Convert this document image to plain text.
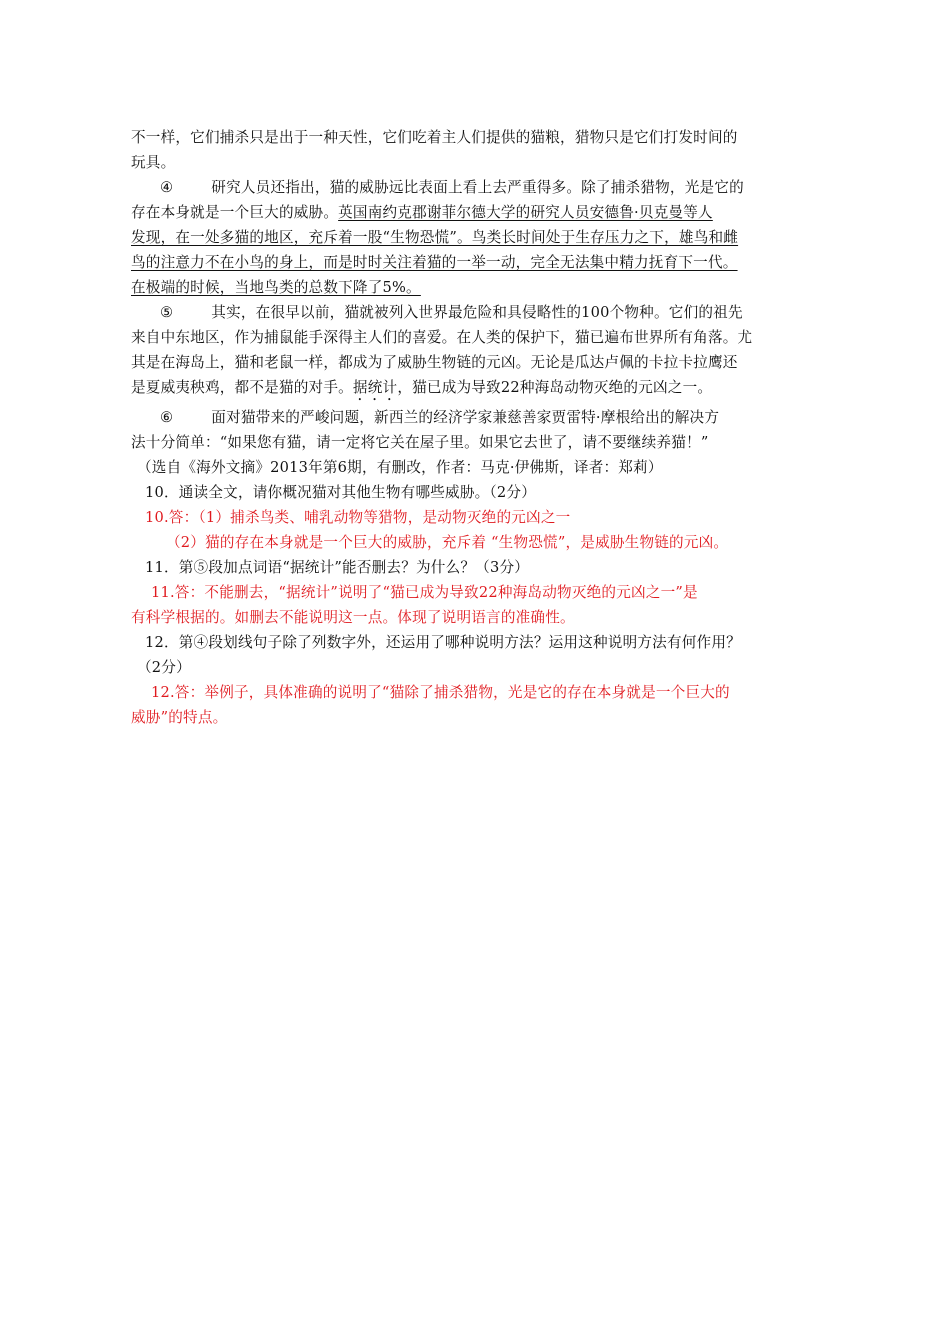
不一样，它们捕杀只是出于一种天性，它们吃着主人们提供的猫粮，猎物只是它们打发时间的
玩具。
④	研究人员还指出，猫的威胁远比表面上看上去严重得多。除了捕杀猎物，光是它的
存在本身就是一个巨大的威胁。英国南约克郡谢菲尔德大学的研究人员安德鲁·贝克曼等人
发现，在一处多猫的地区，充斥着一股“生物恐慌”。鸟类长时间处于生存压力之下，雄鸟和雌
鸟的注意力不在小鸟的身上，而是时时关注着猫的一举一动，完全无法集中精力抚育下一代。
在极端的时候，当地鸟类的总数下降了5%。
⑤	其实，在很早以前，猫就被列入世界最危险和具侵略性的100个物种。它们的祖先
来自中东地区，作为捕鼠能手深得主人们的喜爱。在人类的保护下，猫已遍布世界所有角落。尤
其是在海岛上，猫和老鼠一样，都成为了威胁生物链的元凶。无论是瓜达卢佩的卡拉卡拉鹰还
是夏威夷秧鸡，都不是猫的对手。据统计，猫已成为导致22种海岛动物灭绝的元凶之一。
⑥	面对猫带来的严峻问题，新西兰的经济学家兼慈善家贾雷特·摩根给出的解决方
法十分简单：“如果您有猫，请一定将它关在屋子里。如果它去世了，请不要继续养猫！”
（选自《海外文摘》2013年第6期，有删改，作者：马克·伊佛斯，译者：郑莉）
10．通读全文，请你概况猫对其他生物有哪些威胁。（2分）
10.答：（1）捕杀鸟类、哺乳动物等猎物，是动物灭绝的元凶之一
（2）猫的存在本身就是一个巨大的威胁，充斥着 “生物恐慌”，是威胁生物链的元凶。
11．第⑤段加点词语“据统计”能否删去？为什么？（3分）
11.答：不能删去，“据统计”说明了“猫已成为导致22种海岛动物灭绝的元凶之一”是
有科学根据的。如删去不能说明这一点。体现了说明语言的准确性。
12．第④段划线句子除了列数字外，还运用了哪种说明方法？运用这种说明方法有何作用？
（2分）
12.答：举例子，具体准确的说明了“猫除了捕杀猎物，光是它的存在本身就是一个巨大的
威胁”的特点。
